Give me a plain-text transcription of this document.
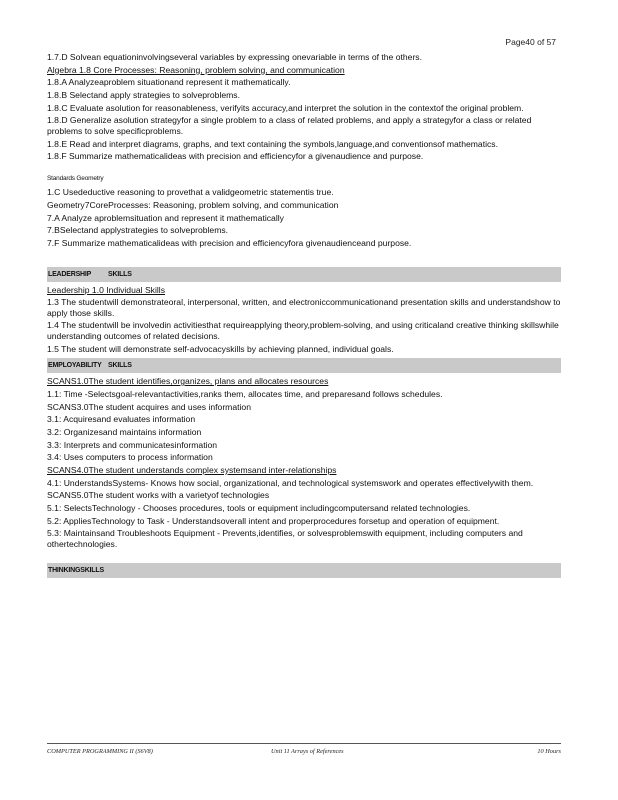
Page40 of 57
1.7.D Solvean equationinvolvingseveral variables by expressing onevariable in terms of the others.
Algebra 1.8 Core Processes: Reasoning, problem solving, and communication
1.8.A Analyzeaproblem situationand represent it mathematically.
1.8.B Selectand apply strategies to solveproblems.
1.8.C Evaluate asolution for reasonableness, verifyits accuracy,and interpret the solution in the contextof the original problem.
1.8.D Generalize asolution strategyfor a single problem to a class of related problems, and apply a strategyfor a class or related problems to solve specificproblems.
1.8.E Read and interpret diagrams, graphs, and text containing the symbols,language,and conventionsof mathematics.
1.8.F Summarize mathematicalideas with precision and efficiencyfor a givenaudience and purpose.
Standards Geometry
1.C Usedeductive reasoning to provethat a validgeometric statementis true.
Geometry7CoreProcesses: Reasoning, problem solving, and communication
7.A Analyze aproblemsituation and represent it mathematically
7.BSelectand applystrategies to solveproblems.
7.F Summarize mathematicalideas with precision and efficiencyfora givenaudienceand purpose.
LEADERSHIP SKILLS
Leadership 1.0 Individual Skills
1.3 The studentwill demonstrateoral, interpersonal, written, and electroniccommunicationand presentation skills and understandshow to apply those skills.
1.4 The studentwill be involvedin activitiesthat requireapplying theory,problem-solving, and using criticaland creative thinking skillswhile understanding outcomes of related decisions.
1.5 The student will demonstrate self-advocacyskills by achieving planned, individual goals.
EMPLOYABILITY SKILLS
SCANS1.0The student identifies,organizes, plans and allocates resources
1.1: Time -Selectsgoal-relevantactivities,ranks them, allocates time, and preparesand follows schedules.
SCANS3.0The student acquires and uses information
3.1: Acquiresand evaluates information
3.2: Organizesand maintains information
3.3: Interprets and communicatesinformation
3.4: Uses computers to process information
SCANS4.0The student understands complex systemsand inter-relationships
4.1: UnderstandsSystems- Knows how social, organizational, and technological systemswork and operates effectivelywith them.
SCANS5.0The student works with a varietyof technologies
5.1: SelectsTechnology - Chooses procedures, tools or equipment includingcomputersand related technologies.
5.2: AppliesTechnology to Task - Understandsoverall intent and properprocedures forsetup and operation of equipment.
5.3: Maintainsand Troubleshoots Equipment - Prevents,identifies, or solvesproblemswith equipment, including computers and othertechnologies.
THINKINGSKILLS
COMPUTER PROGRAMMING II (S6V8)	Unit 11 Arrays of References	10 Hours
